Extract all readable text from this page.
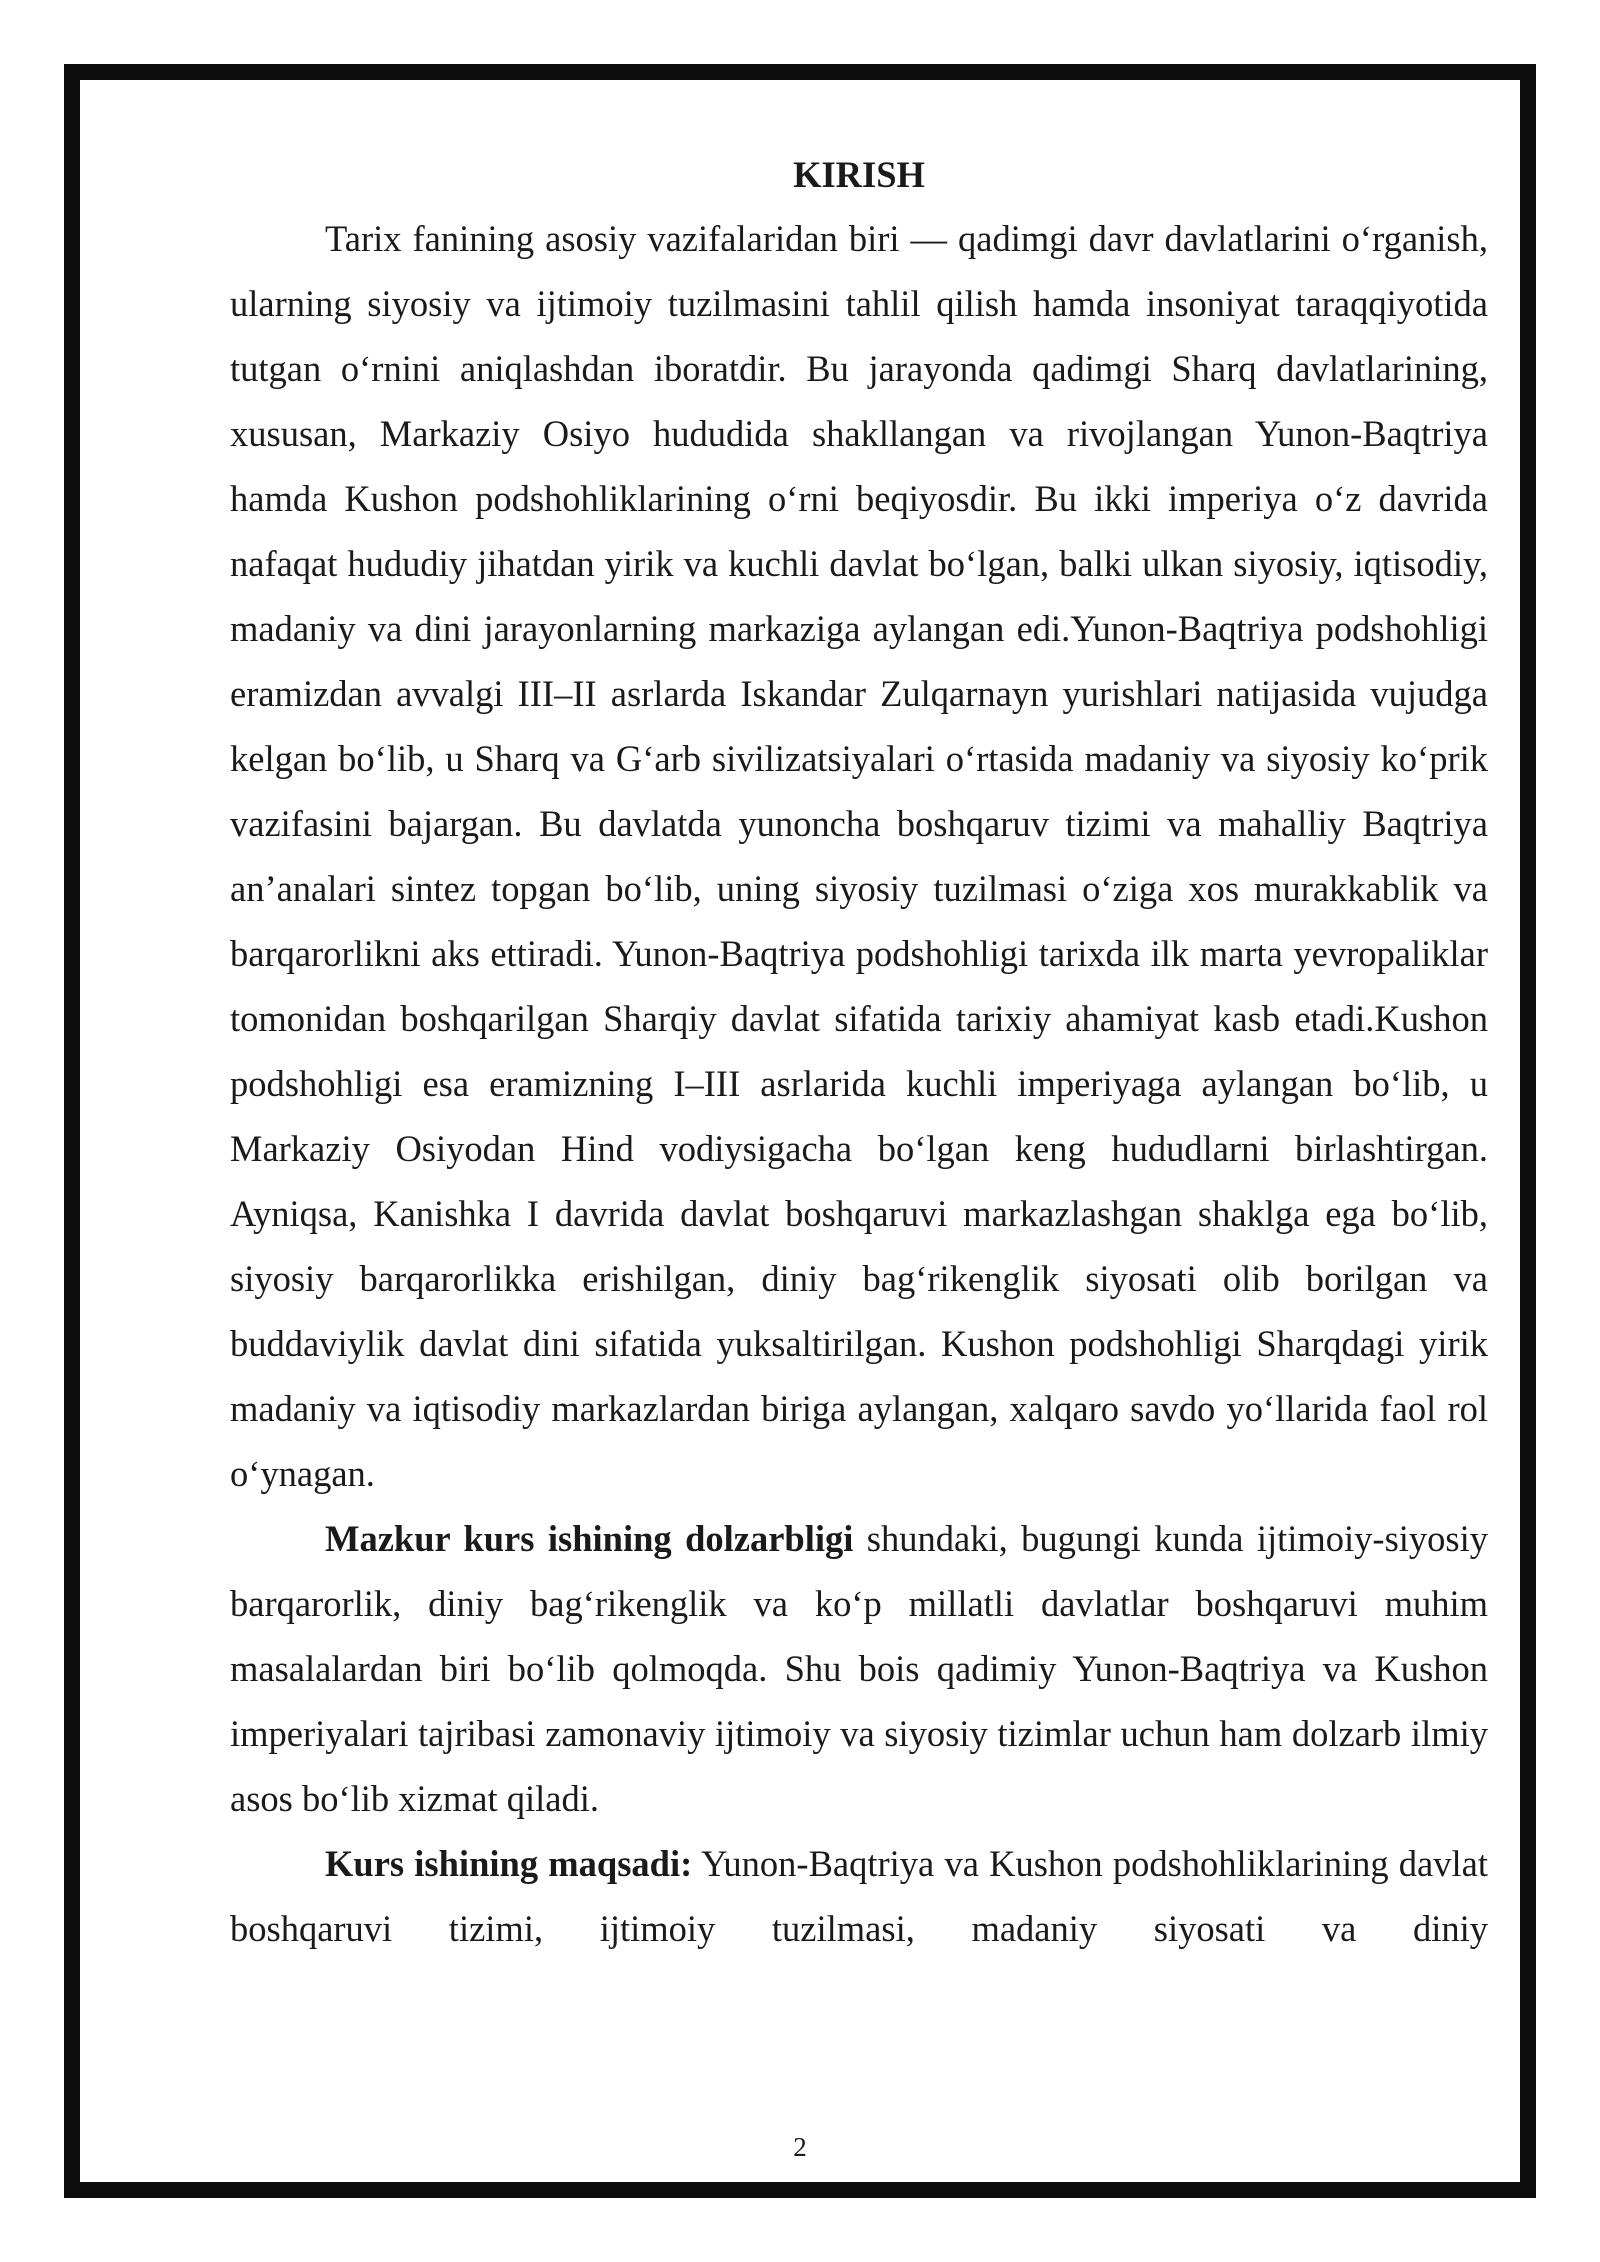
KIRISH

Tarix fanining asosiy vazifalaridan biri — qadimgi davr davlatlarini o‘rganish, ularning siyosiy va ijtimoiy tuzilmasini tahlil qilish hamda insoniyat taraqqiyotida tutgan o‘rnini aniqlashdan iboratdir. Bu jarayonda qadimgi Sharq davlatlarining, xususan, Markaziy Osiyo hududida shakllangan va rivojlangan Yunon-Baqtriya hamda Kushon podshohliklarining o‘rni beqiyosdir. Bu ikki imperiya o‘z davrida nafaqat hududiy jihatdan yirik va kuchli davlat bo‘lgan, balki ulkan siyosiy, iqtisodiy, madaniy va dini jarayonlarning markaziga aylangan edi.Yunon-Baqtriya podshohligi eramizdan avvalgi III–II asrlarda Iskandar Zulqarnayn yurishlari natijasida vujudga kelgan bo‘lib, u Sharq va G‘arb sivilizatsiyalari o‘rtasida madaniy va siyosiy ko‘prik vazifasini bajargan. Bu davlatda yunoncha boshqaruv tizimi va mahalliy Baqtriya an’analari sintez topgan bo‘lib, uning siyosiy tuzilmasi o‘ziga xos murakkablik va barqarorlikni aks ettiradi. Yunon-Baqtriya podshohligi tarixda ilk marta yevropaliklar tomonidan boshqarilgan Sharqiy davlat sifatida tarixiy ahamiyat kasb etadi.Kushon podshohligi esa eramizning I–III asrlarida kuchli imperiyaga aylangan bo‘lib, u Markaziy Osiyodan Hind vodiysigacha bo‘lgan keng hududlarni birlashtirgan. Ayniqsa, Kanishka I davrida davlat boshqaruvi markazlashgan shaklga ega bo‘lib, siyosiy barqarorlikka erishilgan, diniy bag‘rikenglik siyosati olib borilgan va buddaviylik davlat dini sifatida yuksaltirilgan. Kushon podshohligi Sharqdagi yirik madaniy va iqtisodiy markazlardan biriga aylangan, xalqaro savdo yo‘llarida faol rol o‘ynagan.

Mazkur kurs ishining dolzarbligi shundaki, bugungi kunda ijtimoiy-siyosiy barqarorlik, diniy bag‘rikenglik va ko‘p millatli davlatlar boshqaruvi muhim masalalardan biri bo‘lib qolmoqda. Shu bois qadimiy Yunon-Baqtriya va Kushon imperiyalari tajribasi zamonaviy ijtimoiy va siyosiy tizimlar uchun ham dolzarb ilmiy asos bo‘lib xizmat qiladi.

Kurs ishining maqsadi: Yunon-Baqtriya va Kushon podshohliklarining davlat boshqaruvi tizimi, ijtimoiy tuzilmasi, madaniy siyosati va diniy

2
